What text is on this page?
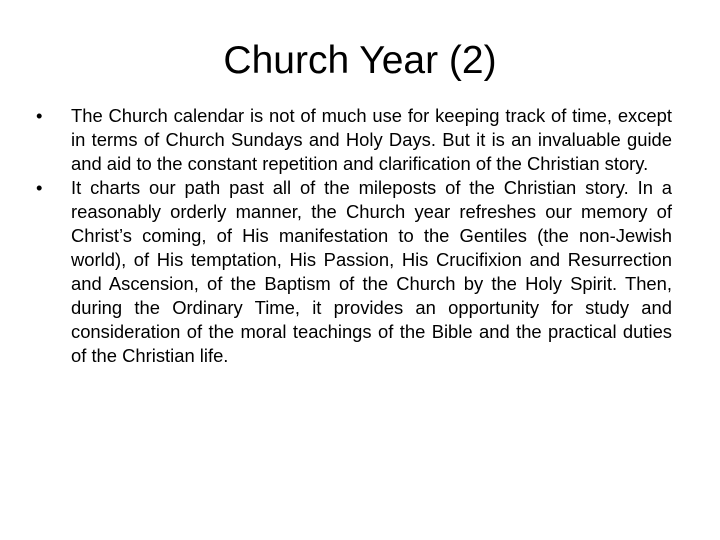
Church Year (2)
•	The Church calendar is not of much use for keeping track of time, except in terms of Church Sundays and Holy Days. But it is an invaluable guide and aid to the constant repetition and clarification of the Christian story.
•	It charts our path past all of the mileposts of the Christian story. In a reasonably orderly manner, the Church year refreshes our memory of Christ’s coming, of His manifestation to the Gentiles (the non-Jewish world), of His temptation, His Passion, His Crucifixion and Resurrection and Ascension, of the Baptism of the Church by the Holy Spirit. Then, during the Ordinary Time, it provides an opportunity for study and consideration of the moral teachings of the Bible and the practical duties of the Christian life.
